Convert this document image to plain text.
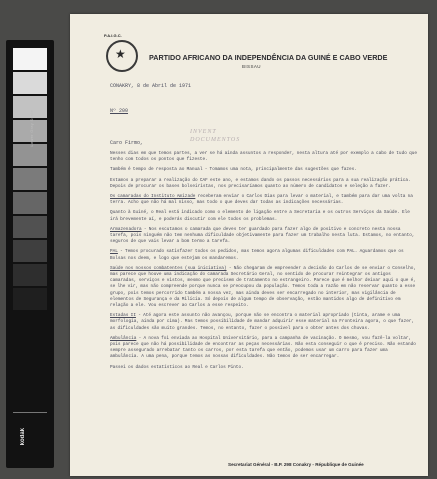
Lower Gray Scale
kodak
P.A.I.G.C.
★	PARTIDO AFRICANO DA INDEPENDÊNCIA DA GUINÉ E CABO VERDE
BISSAU
CONAKRY, 8 de Abril de 1971
Nº 200
INVENT
DOCUMENTOS
Caro Firmo,

Nesses dias em que temos partes, a ver se há ainda assuntos a responder, nesta altura até por exemplo a cabo de tudo que tenho com todos os pontos que fizeste.

Também é tempo de resposta ao Manual - Tomamos uma nota, principalmente das sugestões que fazes.

Estamos a preparar a realização do CAF este ano, e estamos dando os passos necessários para a sua realização prática. Depois de procurar os bases bolseiristas, nos precisaríamos quanto ao número de candidatos e seleção a fazer.

Os camaradas do Instituto Amizade receberam enviar o Carlos Dias para levar o material, e também para dar uma volta na terra. Acho que não há mal nisso, mas todo o que deves dar todas as indicações necessárias.

Quanto à Guiné, o Real está indicado como o elemento de ligação entre a Secretaria e os outros Serviços da Saúde. Ele irá brevemente aí, e poderás discutir com ele todos os problemas.

Armazenadora - Nos escutamos o camarada que deves ter guardado para fazer algo de positivo e concreto nesta nossa tarefa, pois ninguém não tem nenhuma dificuldade objetivamente para fazer um trabalho nesta luta. Estamos, no entanto, seguros de que vais levar a bom termo a tarefa.

PAL - Temos procurado satisfazer todos os pedidos, mas temos agora algumas dificuldades com PAL. Aguardamos que os Bolsas nos deem, e logo que estejam os mandaremos.

Saúde nos nossos combatentes (sua iniciativa) - Não chegaram de empreender a decisão do Carlos de se enviar o Conselho, mas parece que houve uma indicação do camarada Secretário Geral, no sentido de procurar reintegrar os antigos camaradas, serviços e vistos, mesmo que precisem de tratamento no estrangeiro. Parece que é melhor deixar aqui o que é, se lhe vir, mas não compreende porque nunca se preocupou da população. Temos toda a razão em não reservar quanto a esse grupo, pois temos percorrido também a nossa vez, mas ainda deves ser encarregado no interior, mas vigilância de elementos de Segurança e da Milícia. Só depois de algum tempo de observação, estão mantidos algo de definitivo em relação a ele. Vou escrever ao Carlos a esse respeito.

Estadas II - Até agora este assunto não avançou, porque não se encontra o material apropriado (tinta, arame e uma morfologia, ainda por cima). Mas temos possibilidade de mandar adquirir esse material na Fronteira agora, o que fazer, as dificuldades são muito grandes. Temos, no entanto, fazer o possível para o obter antes dos chuvas.

Ambulância - A nova foi enviada ao Hospital Universitário, para a campanha de vacinação. O mesmo, vou fazê-la voltar, pois parece que não há possibilidade de encontrar as peças necessárias. Não esta conseguir o que é preciso. Não estando sempre assegurado arrebatar tanto os carros, por esta tarefa que então, podemos usar um carro para fazer uma ambulância. A uma pena, porque temos as nossas dificuldades. Não temos de ser encarregar.

Passei os dados estatísticos ao Real e Carlos Pinto.

Secretariat Général - B.P. 298 Conakry - République de Guinée
